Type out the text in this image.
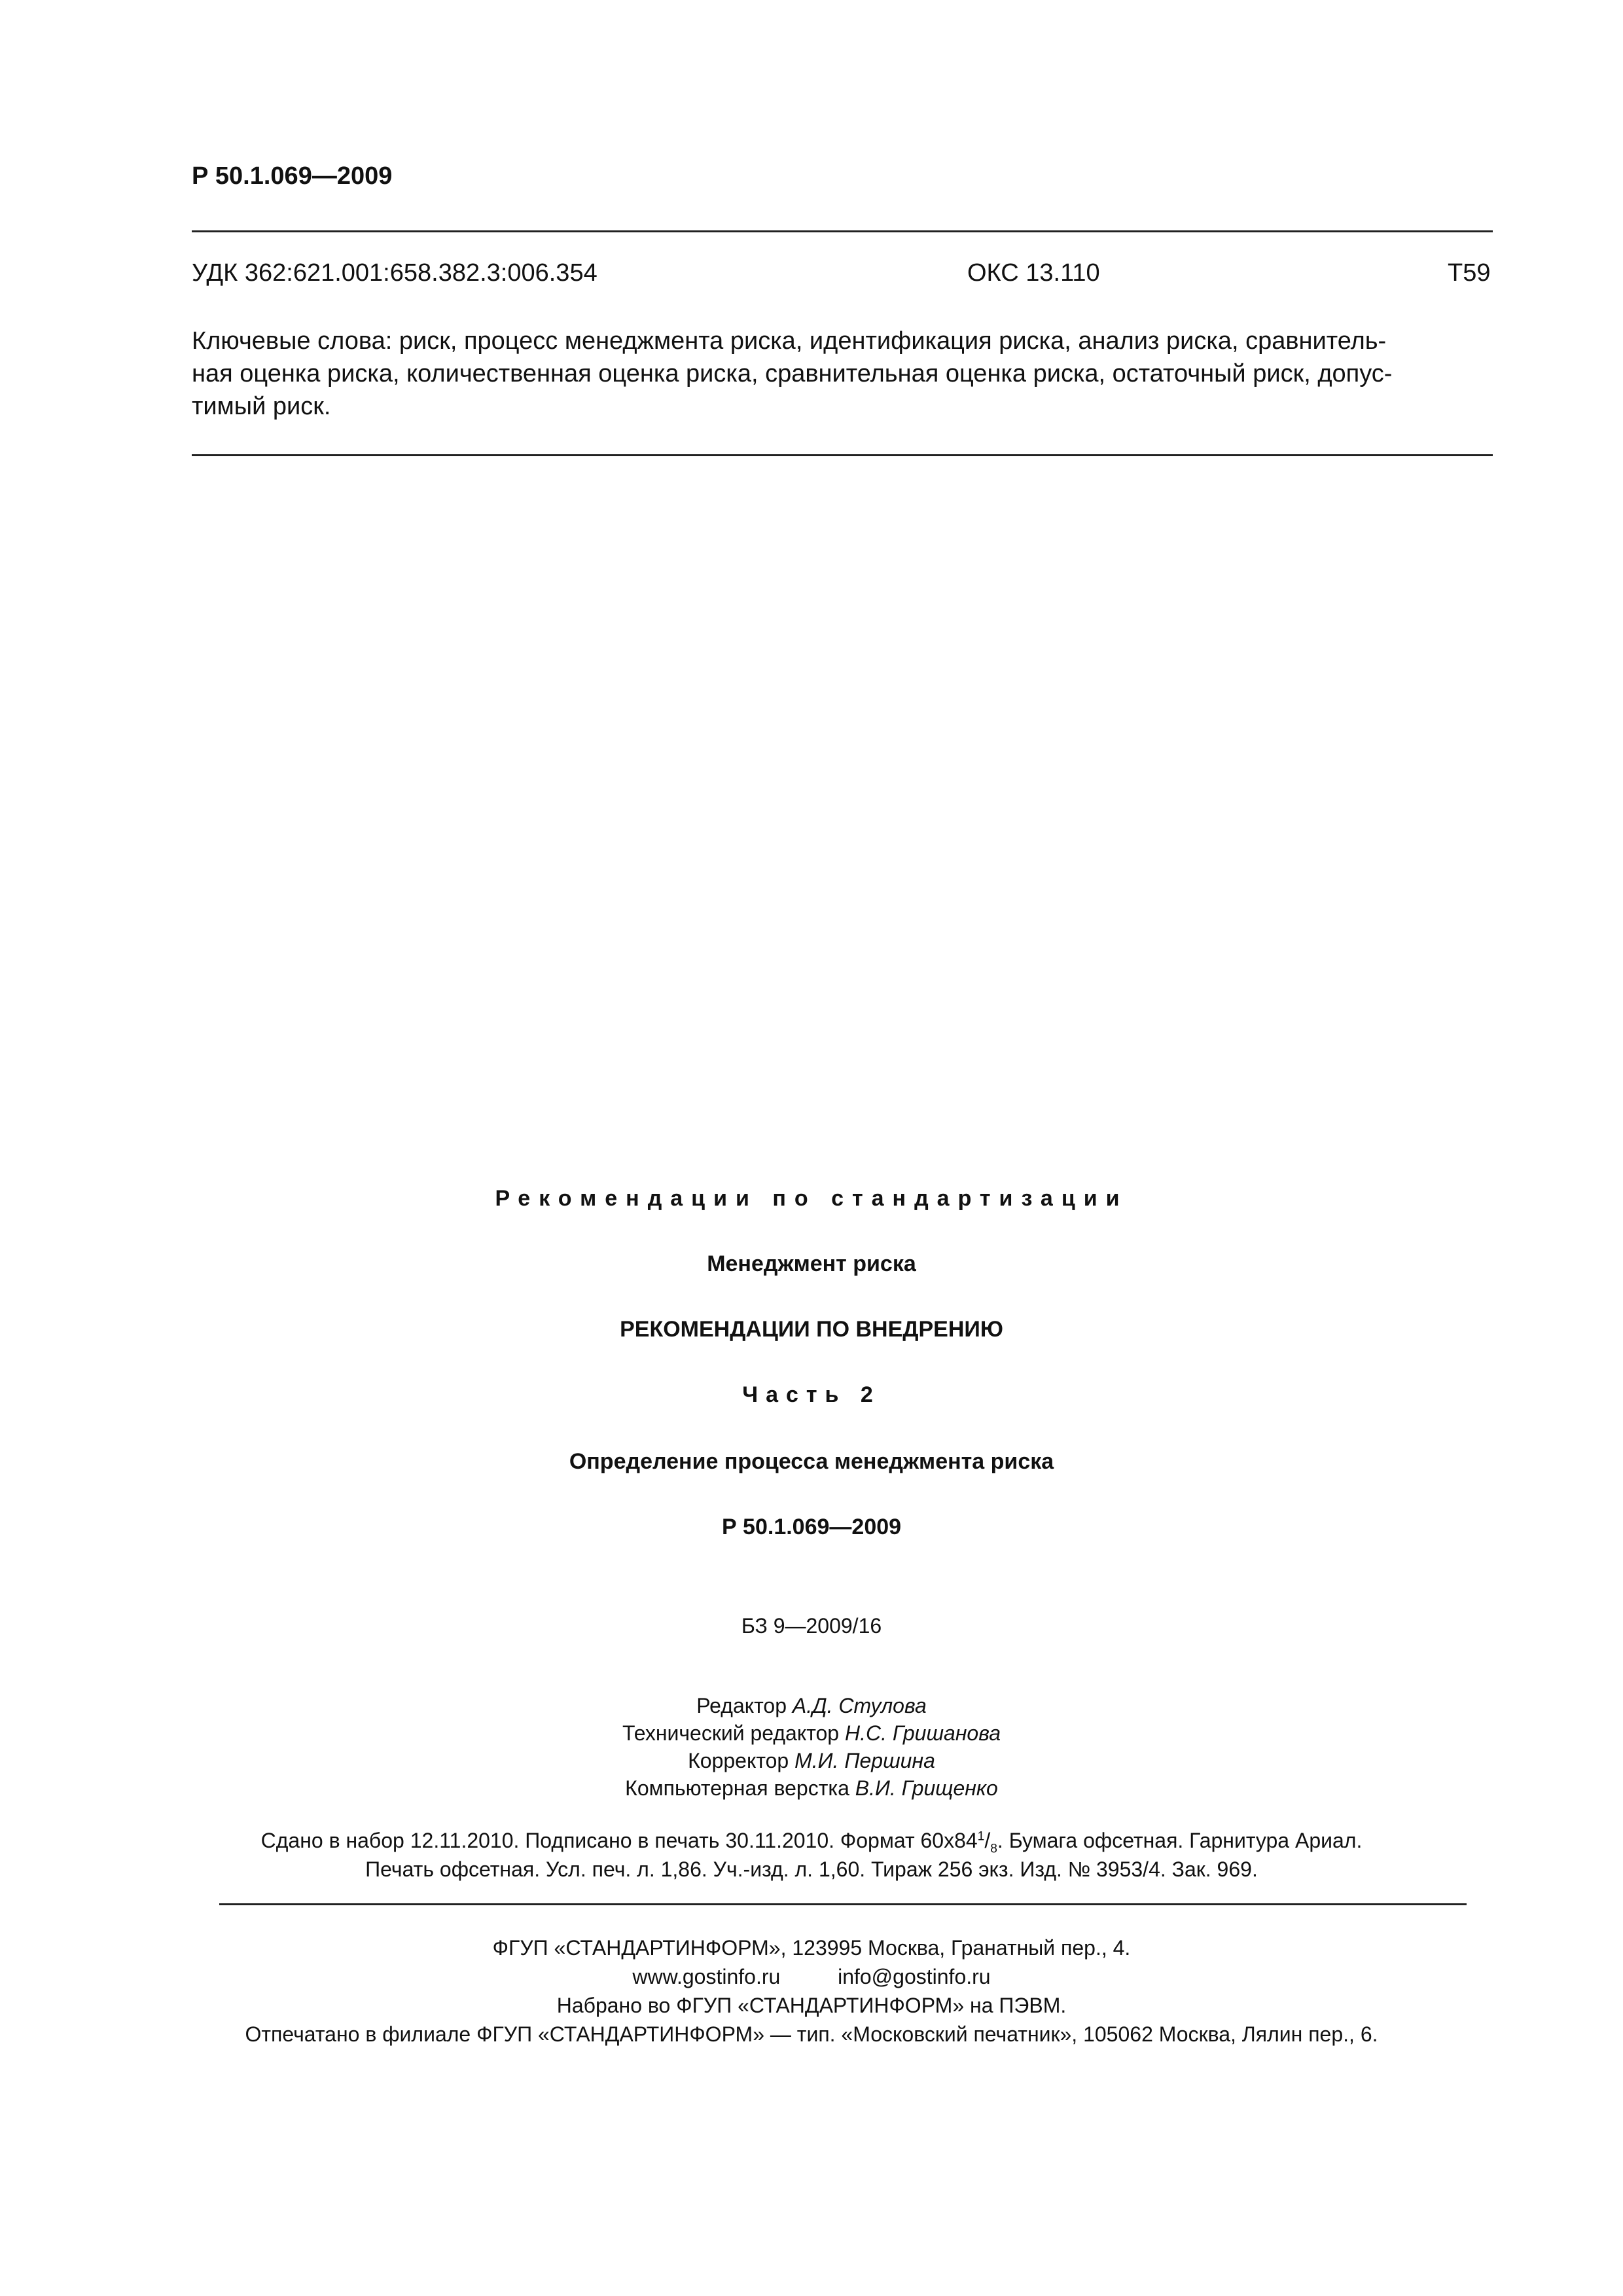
Р 50.1.069—2009
УДК 362:621.001:658.382.3:006.354	ОКС 13.110	Т59
Ключевые слова: риск, процесс менеджмента риска, идентификация риска, анализ риска, сравнитель-
ная оценка риска, количественная оценка риска, сравнительная оценка риска, остаточный риск, допус-
тимый риск.
Рекомендации по стандартизации
Менеджмент риска
РЕКОМЕНДАЦИИ ПО ВНЕДРЕНИЮ
Часть 2
Определение процесса менеджмента риска
Р 50.1.069—2009
БЗ 9—2009/16
Редактор А.Д. Стулова
Технический редактор Н.С. Гришанова
Корректор М.И. Першина
Компьютерная верстка В.И. Грищенко
Сдано в набор 12.11.2010. Подписано в печать 30.11.2010. Формат $60х84^1/_8$. Бумага офсетная. Гарнитура Ариал.
Печать офсетная. Усл. печ. л. 1,86. Уч.-изд. л. 1,60. Тираж 256 экз. Изд. № 3953/4. Зак. 969.
ФГУП «СТАНДАРТИНФОРМ», 123995 Москва, Гранатный пер., 4.
www.gostinfo.ru	info@gostinfo.ru
Набрано во ФГУП «СТАНДАРТИНФОРМ» на ПЭВМ.
Отпечатано в филиале ФГУП «СТАНДАРТИНФОРМ» — тип. «Московский печатник», 105062 Москва, Лялин пер., 6.
